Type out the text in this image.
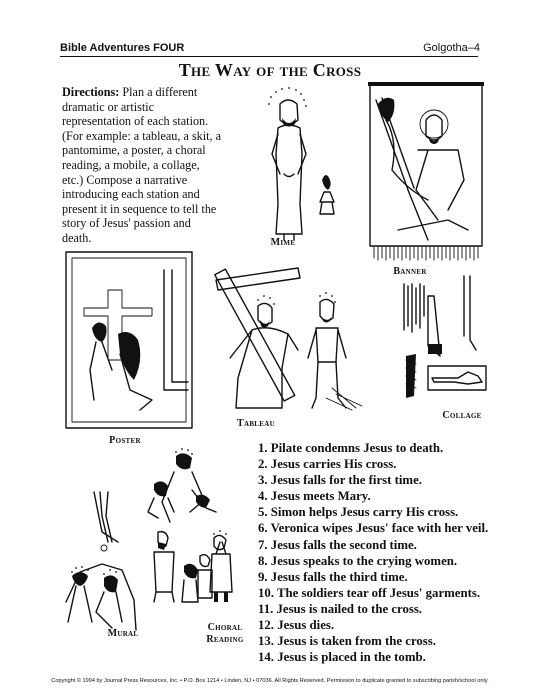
Bible Adventures FOUR	Golgotha–4
The Way of the Cross
Directions: Plan a different dramatic or artistic representation of each station. (For example: a tableau, a skit, a pantomime, a poster, a choral reading, a mobile, a collage, etc.) Compose a narrative introducing each station and present it in sequence to tell the story of Jesus' passion and death.	Mime
Banner
Poster
Tableau
Collage
Mural
Choral Reading
1. Pilate condemns Jesus to death.
2. Jesus carries His cross.
3. Jesus falls for the first time.
4. Jesus meets Mary.
5. Simon helps Jesus carry His cross.
6. Veronica wipes Jesus' face with her veil.
7. Jesus falls the second time.
8. Jesus speaks to the crying women.
9. Jesus falls the third time.
10. The soldiers tear off Jesus' garments.
11. Jesus is nailed to the cross.
12. Jesus dies.
13. Jesus is taken from the cross.
14. Jesus is placed in the tomb.
Copyright © 1994 by Journal Press Resources, Inc. • P.O. Box 1214 • Linden, NJ • 07036. All Rights Reserved. Permission to duplicate granted to subscribing parish/school only.
